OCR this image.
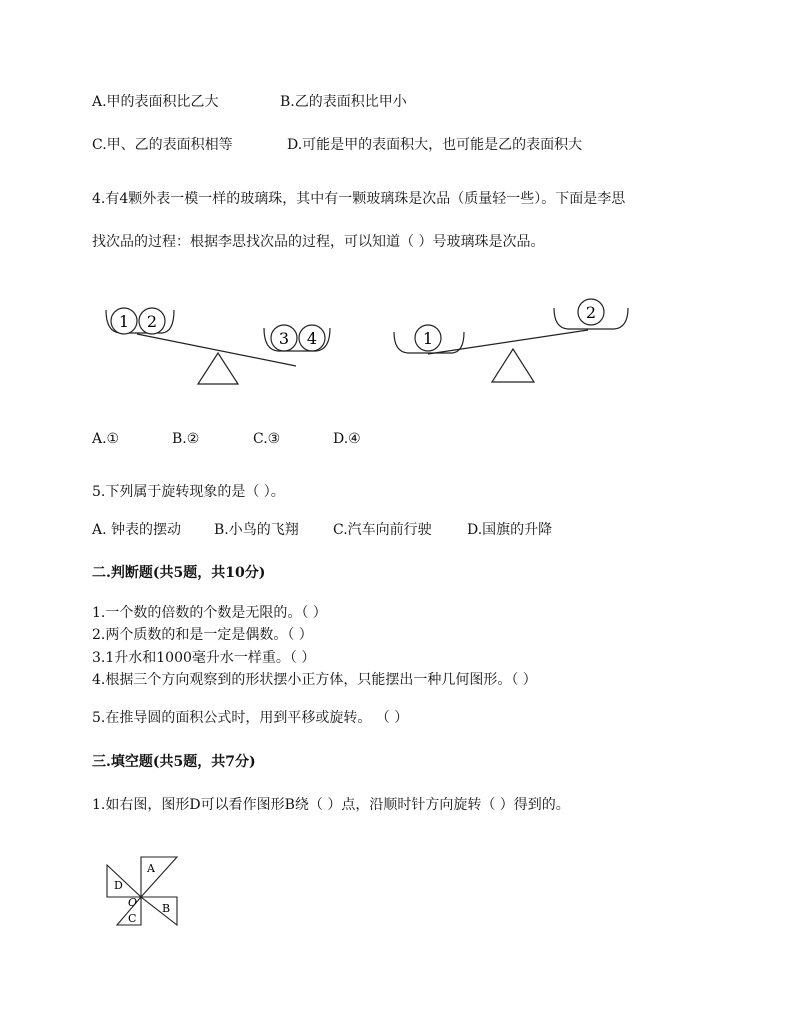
A.甲的表面积比乙大	B.乙的表面积比甲小
C.甲、乙的表面积相等	D.可能是甲的表面积大，也可能是乙的表面积大
4.有4颗外表一模一样的玻璃珠，其中有一颗玻璃珠是次品（质量轻一些）。下面是李思
找次品的过程：根据李思找次品的过程，可以知道（ ）号玻璃珠是次品。
1 2
3 4	1
2
A.①	B.②	C.③	D.④
5.下列属于旋转现象的是（ ）。
A. 钟表的摆动 B.小鸟的飞翔 C.汽车向前行驶	D.国旗的升降
二.判断题(共5题，共10分)
1.一个数的倍数的个数是无限的。（ ）
2.两个质数的和是一定是偶数。（ ）
3.1升水和1000毫升水一样重。（ ）
4.根据三个方向观察到的形状摆小正方体，只能摆出一种几何图形。（ ）
5.在推导圆的面积公式时，用到平移或旋转。 （ ）
三.填空题(共5题，共7分)
1.如右图，图形D可以看作图形B绕（ ）点，沿顺时针方向旋转（ ）得到的。
A
B
C
D
O
